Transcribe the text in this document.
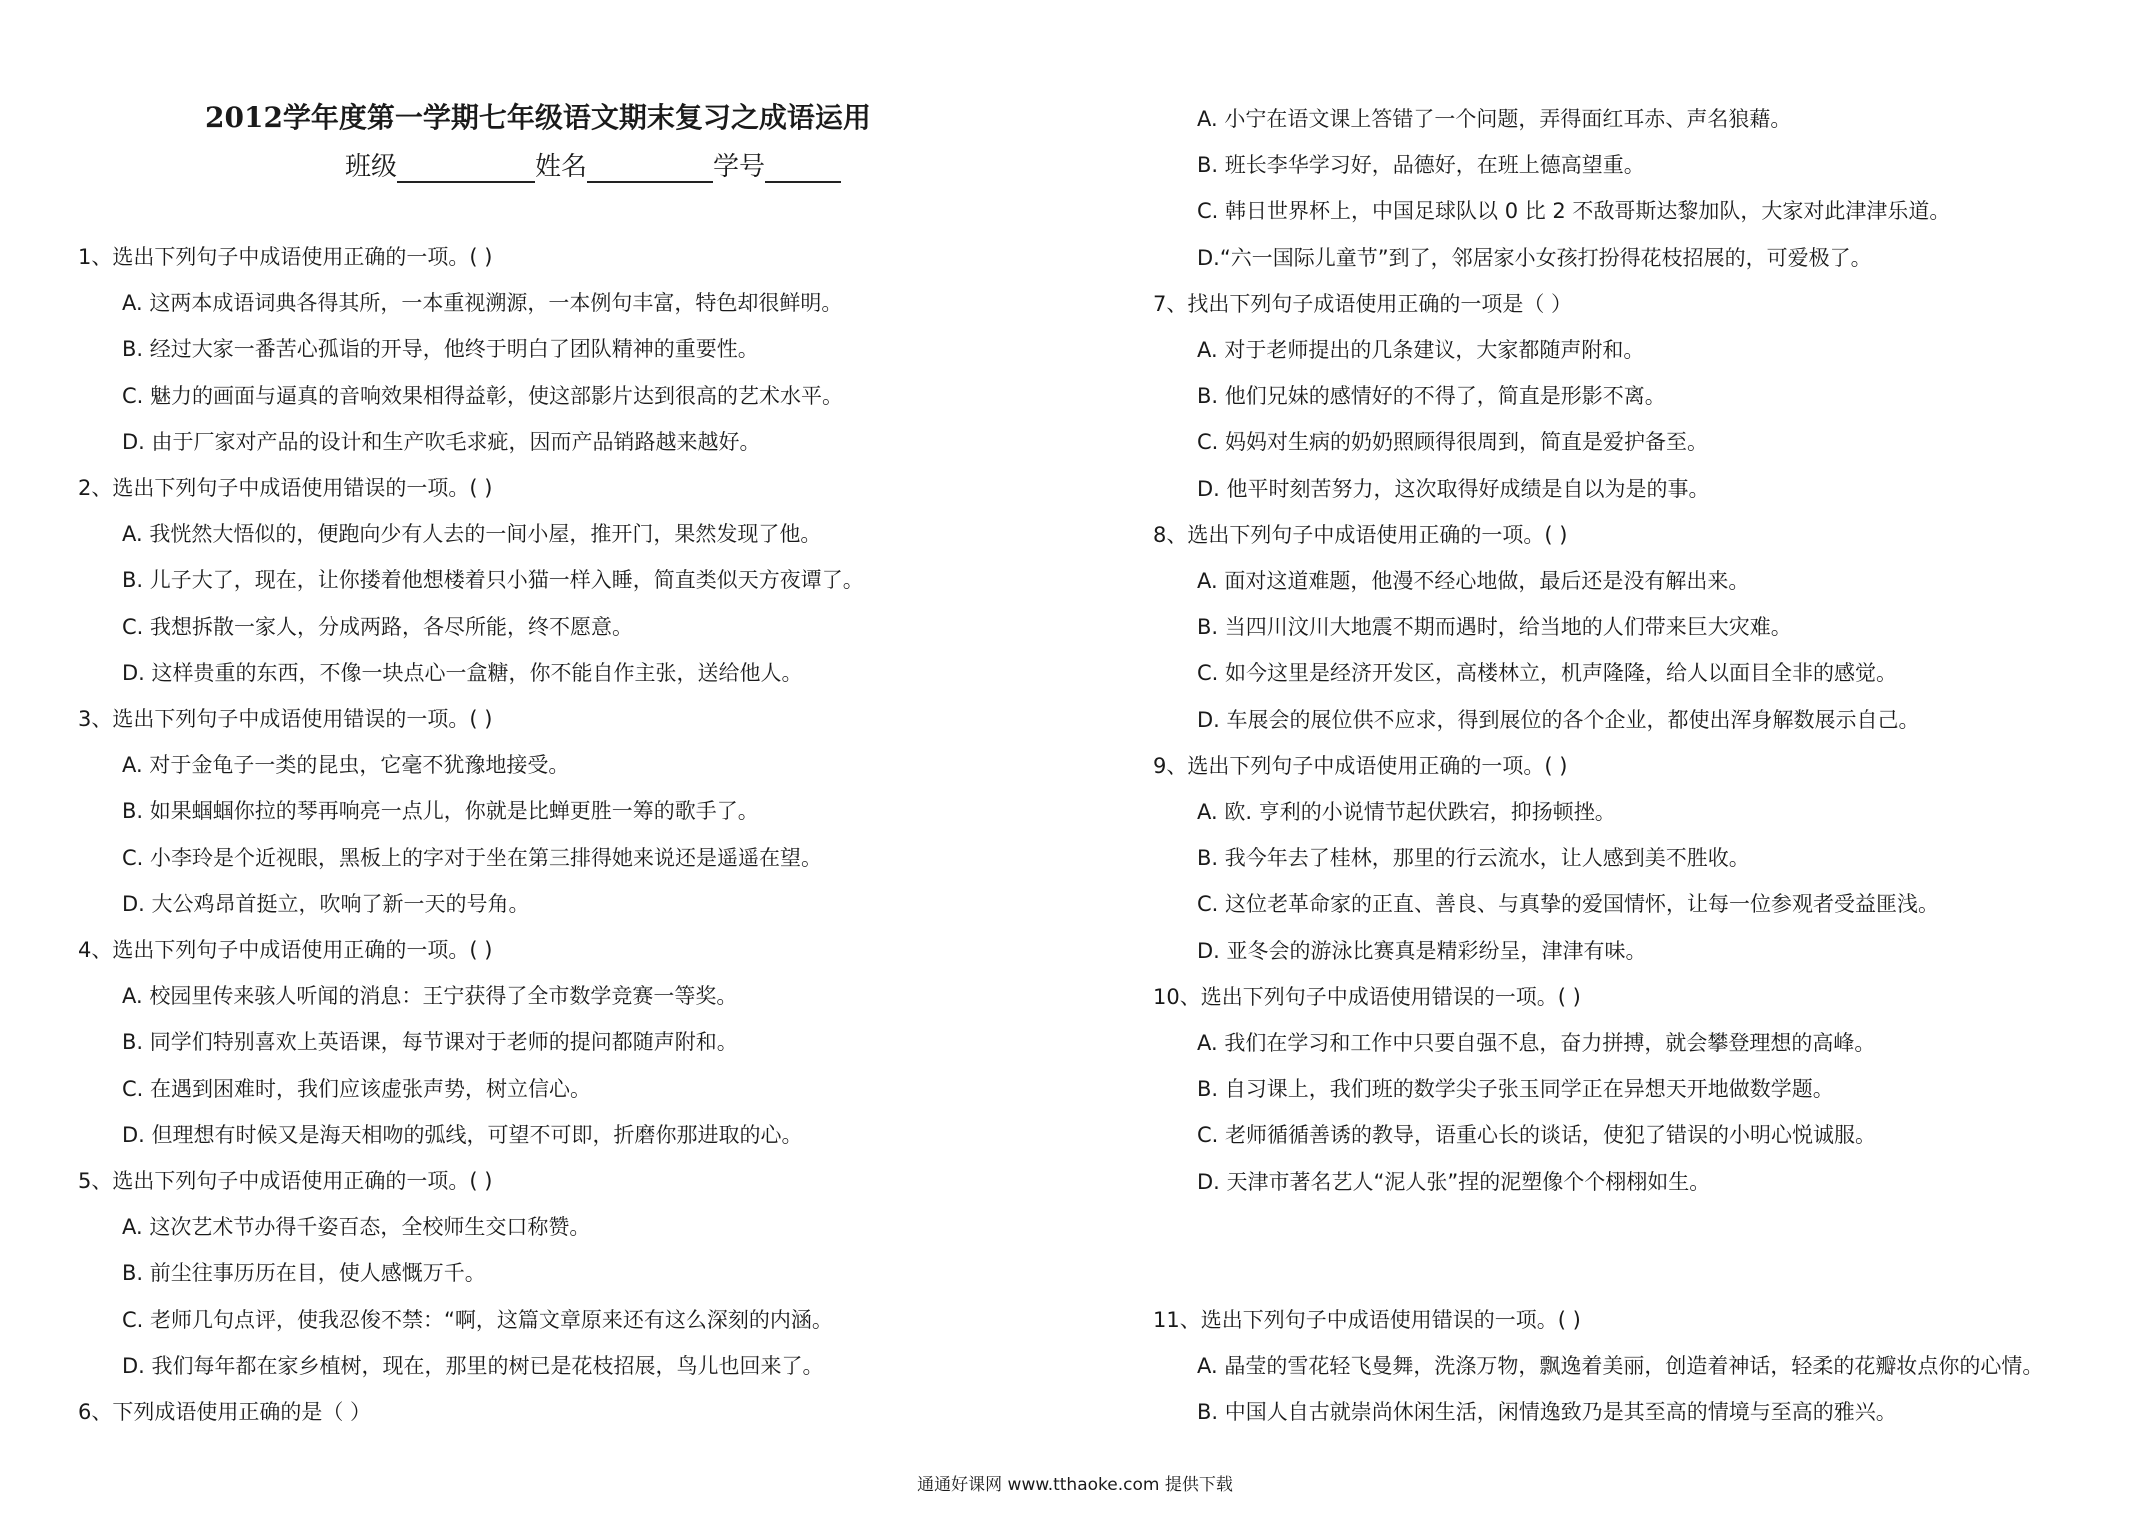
1、选出下列句子中成语使用正确的一项。( )
A. 这两本成语词典各得其所，一本重视溯源，一本例句丰富，特色却很鲜明。
B. 经过大家一番苦心孤诣的开导，他终于明白了团队精神的重要性。
C. 魅力的画面与逼真的音响效果相得益彰，使这部影片达到很高的艺术水平。
D. 由于厂家对产品的设计和生产吹毛求疵，因而产品销路越来越好。
2、选出下列句子中成语使用错误的一项。( )
A. 我恍然大悟似的，便跑向少有人去的一间小屋，推开门，果然发现了他。
B. 儿子大了，现在，让你搂着他想楼着只小猫一样入睡，简直类似天方夜谭了。
C. 我想拆散一家人，分成两路，各尽所能，终不愿意。
D. 这样贵重的东西，不像一块点心一盒糖，你不能自作主张，送给他人。
3、选出下列句子中成语使用错误的一项。( )
A. 对于金龟子一类的昆虫，它毫不犹豫地接受。
B. 如果蝈蝈你拉的琴再响亮一点儿，你就是比蝉更胜一筹的歌手了。
C. 小李玲是个近视眼，黑板上的字对于坐在第三排得她来说还是遥遥在望。
D. 大公鸡昂首挺立，吹响了新一天的号角。
4、选出下列句子中成语使用正确的一项。( )
A. 校园里传来骇人听闻的消息：王宁获得了全市数学竞赛一等奖。
B. 同学们特别喜欢上英语课，每节课对于老师的提问都随声附和。
C. 在遇到困难时，我们应该虚张声势，树立信心。
D. 但理想有时候又是海天相吻的弧线，可望不可即，折磨你那进取的心。
5、选出下列句子中成语使用正确的一项。( )
A. 这次艺术节办得千姿百态，全校师生交口称赞。
B. 前尘往事历历在目，使人感慨万千。
C. 老师几句点评，使我忍俊不禁：“啊，这篇文章原来还有这么深刻的内涵。
D. 我们每年都在家乡植树，现在，那里的树已是花枝招展，鸟儿也回来了。
6、下列成语使用正确的是（ ）
A. 小宁在语文课上答错了一个问题，弄得面红耳赤、声名狼藉。
B. 班长李华学习好，品德好，在班上德高望重。
C. 韩日世界杯上，中国足球队以 0 比 2 不敌哥斯达黎加队，大家对此津津乐道。
D.“六一国际儿童节”到了，邻居家小女孩打扮得花枝招展的，可爱极了。
7、找出下列句子成语使用正确的一项是（ ）
A. 对于老师提出的几条建议，大家都随声附和。
B. 他们兄妹的感情好的不得了，简直是形影不离。
C. 妈妈对生病的奶奶照顾得很周到，简直是爱护备至。
D. 他平时刻苦努力，这次取得好成绩是自以为是的事。
8、选出下列句子中成语使用正确的一项。( )
A. 面对这道难题，他漫不经心地做，最后还是没有解出来。
B. 当四川汶川大地震不期而遇时，给当地的人们带来巨大灾难。
C. 如今这里是经济开发区，高楼林立，机声隆隆，给人以面目全非的感觉。
D. 车展会的展位供不应求，得到展位的各个企业，都使出浑身解数展示自己。
9、选出下列句子中成语使用正确的一项。( )
A. 欧. 亨利的小说情节起伏跌宕，抑扬顿挫。
B. 我今年去了桂林，那里的行云流水，让人感到美不胜收。
C. 这位老革命家的正直、善良、与真挚的爱国情怀，让每一位参观者受益匪浅。
D. 亚冬会的游泳比赛真是精彩纷呈，津津有味。
10、选出下列句子中成语使用错误的一项。( )
A. 我们在学习和工作中只要自强不息，奋力拼搏，就会攀登理想的高峰。
B. 自习课上，我们班的数学尖子张玉同学正在异想天开地做数学题。
C. 老师循循善诱的教导，语重心长的谈话，使犯了错误的小明心悦诚服。
D. 天津市著名艺人“泥人张”捏的泥塑像个个栩栩如生。
11、选出下列句子中成语使用错误的一项。( )
A. 晶莹的雪花轻飞曼舞，洗涤万物，飘逸着美丽，创造着神话，轻柔的花瓣妆点你的心情。
B. 中国人自古就崇尚休闲生活，闲情逸致乃是其至高的情境与至高的雅兴。
2012学年度第一学期七年级语文期末复习之成语运用
班级	姓名	学号
通通好课网 www.tthaoke.com 提供下载
